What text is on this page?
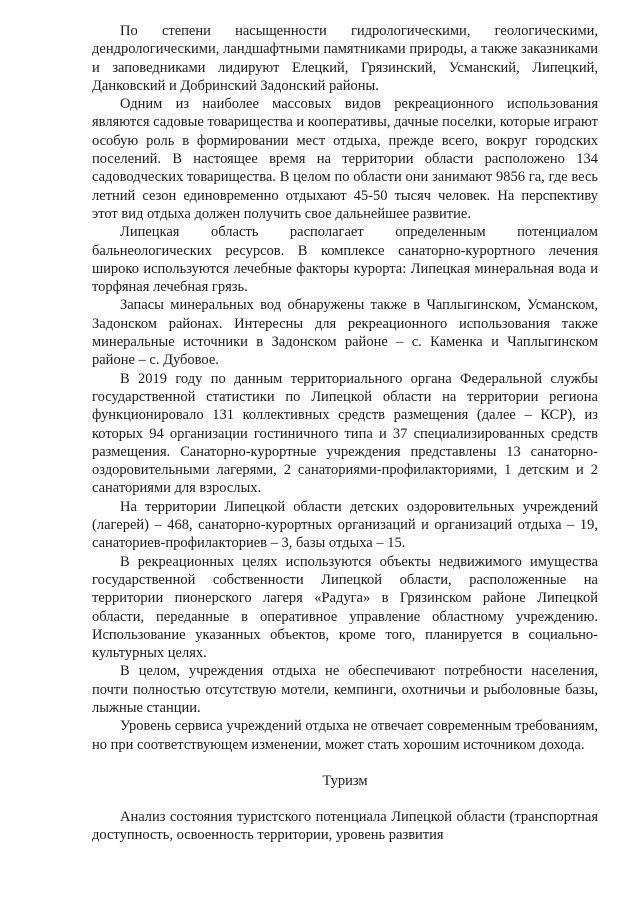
По степени насыщенности гидрологическими, геологическими, дендрологическими, ландшафтными памятниками природы, а также заказниками и заповедниками лидируют Елецкий, Грязинский, Усманский, Липецкий, Данковский и Добринский Задонский районы.

Одним из наиболее массовых видов рекреационного использования являются садовые товарищества и кооперативы, дачные поселки, которые играют особую роль в формировании мест отдыха, прежде всего, вокруг городских поселений. В настоящее время на территории области расположено 134 садоводческих товарищества. В целом по области они занимают 9856 га, где весь летний сезон единовременно отдыхают 45-50 тысяч человек. На перспективу этот вид отдыха должен получить свое дальнейшее развитие.

Липецкая область располагает определенным потенциалом бальнеологических ресурсов. В комплексе санаторно-курортного лечения широко используются лечебные факторы курорта: Липецкая минеральная вода и торфяная лечебная грязь.

Запасы минеральных вод обнаружены также в Чаплыгинском, Усманском, Задонском районах. Интересны для рекреационного использования также минеральные источники в Задонском районе – с. Каменка и Чаплыгинском районе – с. Дубовое.

В 2019 году по данным территориального органа Федеральной службы государственной статистики по Липецкой области на территории региона функционировало 131 коллективных средств размещения (далее – КСР), из которых 94 организации гостиничного типа и 37 специализированных средств размещения. Санаторно-курортные учреждения представлены 13 санаторно-оздоровительными лагерями, 2 санаториями-профилакториями, 1 детским и 2 санаториями для взрослых.

На территории Липецкой области детских оздоровительных учреждений (лагерей) – 468, санаторно-курортных организаций и организаций отдыха – 19, санаториев-профилакториев – 3, базы отдыха – 15.

В рекреационных целях используются объекты недвижимого имущества государственной собственности Липецкой области, расположенные на территории пионерского лагеря «Радуга» в Грязинском районе Липецкой области, переданные в оперативное управление областному учреждению. Использование указанных объектов, кроме того, планируется в социально-культурных целях.

В целом, учреждения отдыха не обеспечивают потребности населения, почти полностью отсутствую мотели, кемпинги, охотничьи и рыболовные базы, лыжные станции.

Уровень сервиса учреждений отдыха не отвечает современным требованиям, но при соответствующем изменении, может стать хорошим источником дохода.

Туризм

Анализ состояния туристского потенциала Липецкой области (транспортная доступность, освоенность территории, уровень развития
